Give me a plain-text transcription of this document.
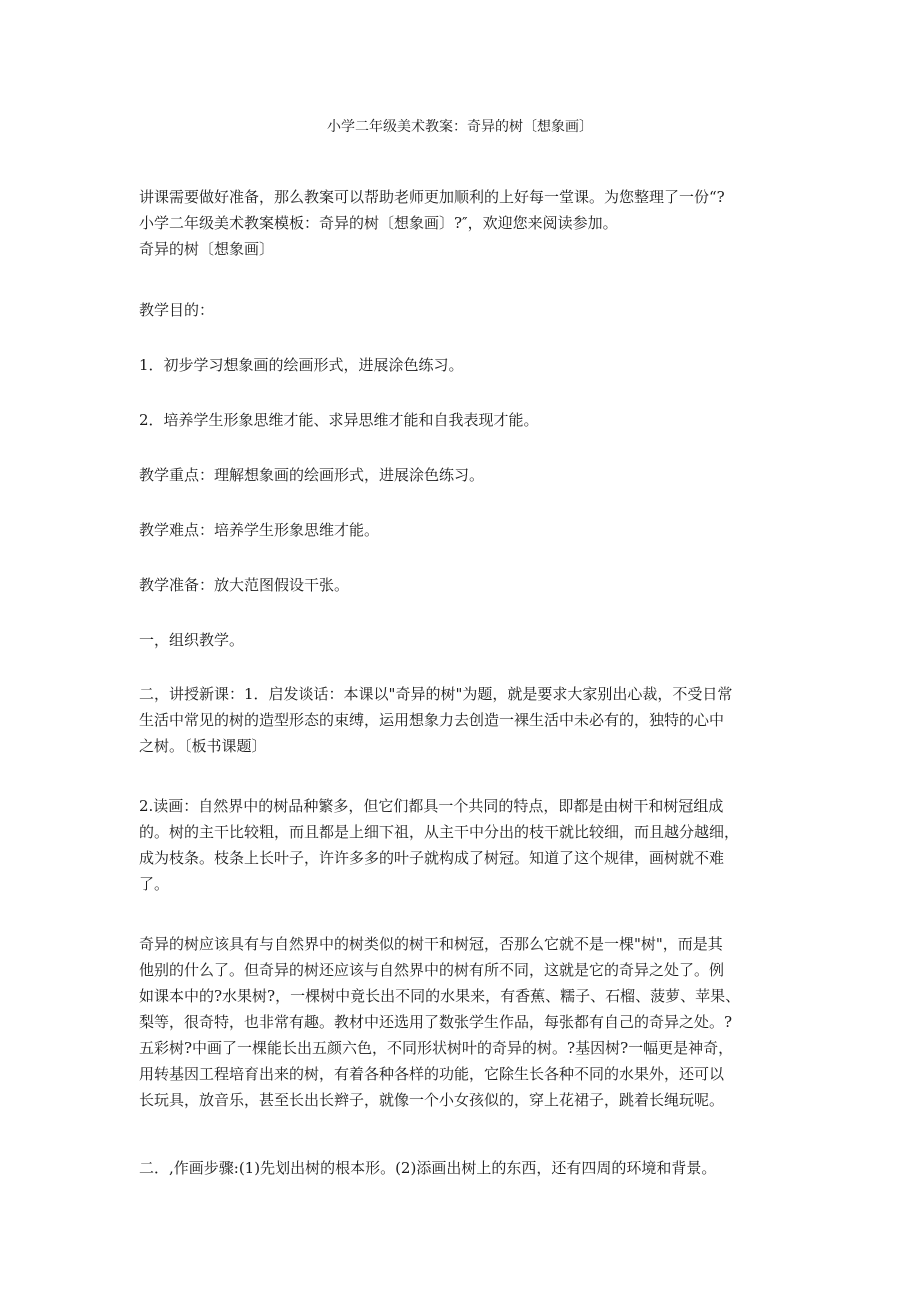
小学二年级美术教案：奇异的树〔想象画〕

讲课需要做好准备，那么教案可以帮助老师更加顺利的上好每一堂课。为您整理了一份“?

小学二年级美术教案模板：奇异的树〔想象画〕?″，欢迎您来阅读参加。

奇异的树〔想象画〕

教学目的：

1．初步学习想象画的绘画形式，进展涂色练习。

2．培养学生形象思维才能、求异思维才能和自我表现才能。

教学重点：理解想象画的绘画形式，进展涂色练习。

教学难点：培养学生形象思维才能。

教学准备：放大范图假设干张。

一，组织教学。

二，讲授新课：1．启发谈话：本课以"奇异的树"为题，就是要求大家别出心裁，不受日常

生活中常见的树的造型形态的束缚，运用想象力去创造一裸生活中未必有的，独特的心中

之树。〔板书课题〕

2.读画：自然界中的树品种繁多，但它们都具一个共同的特点，即都是由树干和树冠组成

的。树的主干比较粗，而且都是上细下祖，从主干中分出的枝干就比较细，而且越分越细，

成为枝条。枝条上长叶子，许许多多的叶子就构成了树冠。知道了这个规律，画树就不难

了。

奇异的树应该具有与自然界中的树类似的树干和树冠，否那么它就不是一棵"树"，而是其

他别的什么了。但奇异的树还应该与自然界中的树有所不同，这就是它的奇异之处了。例

如课本中的?水果树?，一棵树中竟长出不同的水果来，有香蕉、糯子、石榴、菠萝、苹果、

梨等，很奇特，也非常有趣。教材中还选用了数张学生作品，每张都有自己的奇异之处。?

五彩树?中画了一棵能长出五颜六色，不同形状树叶的奇异的树。?基因树?一幅更是神奇，

用转基因工程培育出来的树，有着各种各样的功能，它除生长各种不同的水果外，还可以

长玩具，放音乐，甚至长出长辫子，就像一个小女孩似的，穿上花裙子，跳着长绳玩呢。

二．,作画步骤:(1)先划出树的根本形。(2)添画出树上的东西，还有四周的环境和背景。
